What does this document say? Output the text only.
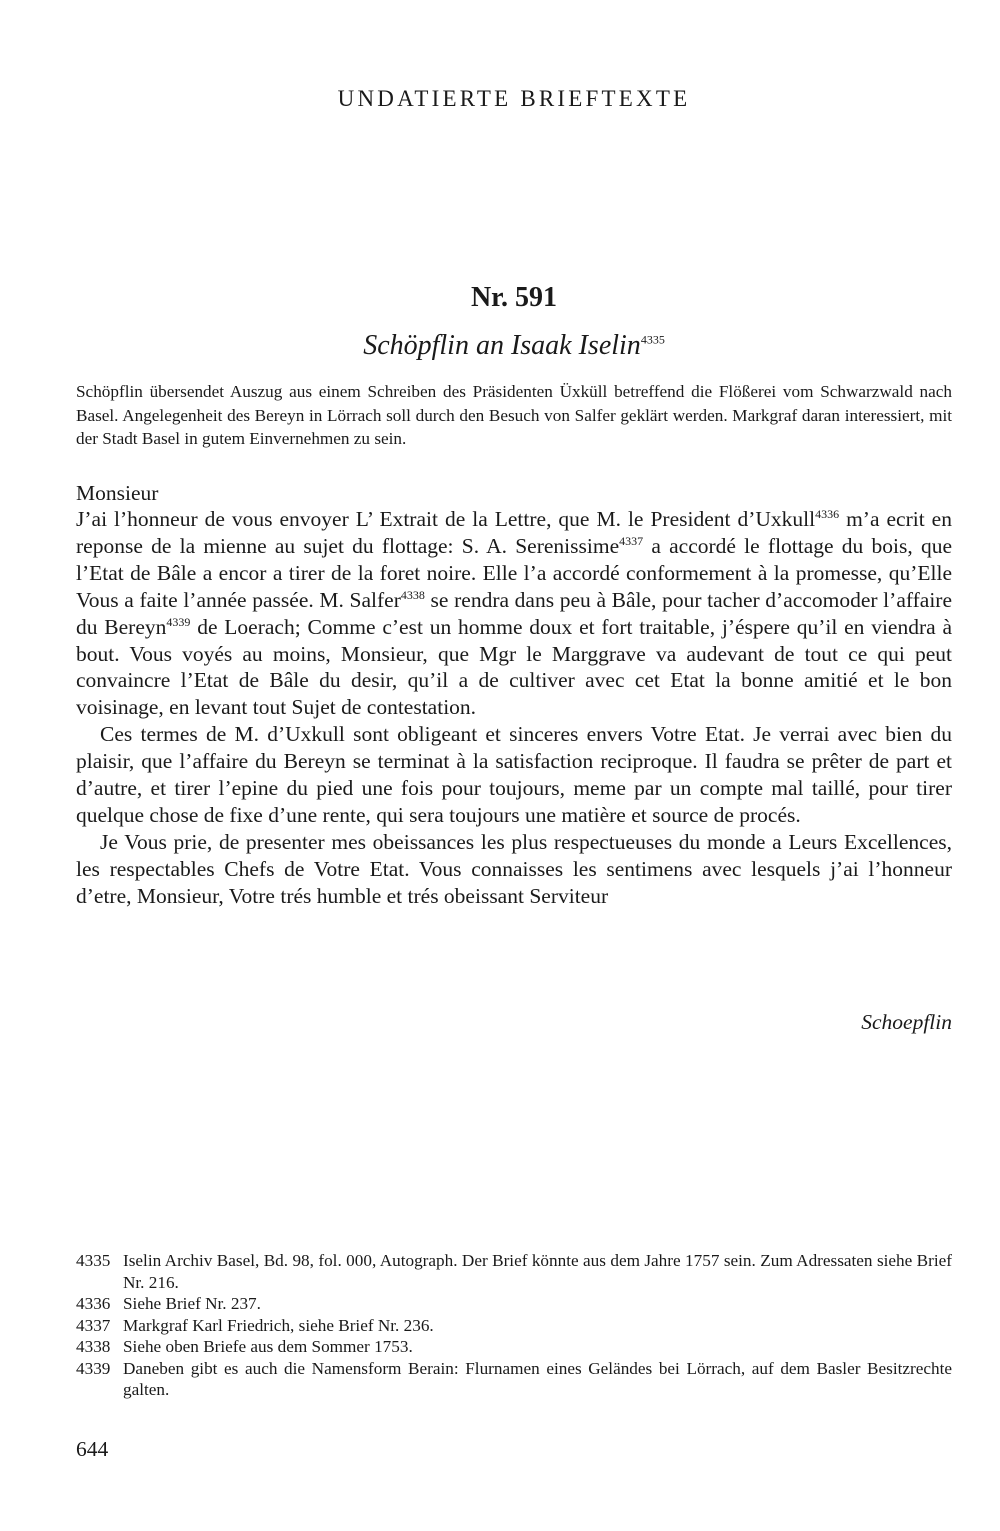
UNDATIERTE BRIEFTEXTE
Nr. 591
Schöpflin an Isaak Iselin$^{4335}$
Schöpflin übersendet Auszug aus einem Schreiben des Präsidenten Üxküll betreffend die Flößerei vom Schwarzwald nach Basel. Angelegenheit des Bereyn in Lörrach soll durch den Besuch von Salfer geklärt werden. Markgraf daran interessiert, mit der Stadt Basel in gutem Einvernehmen zu sein.
Monsieur

J’ai l’honneur de vous envoyer L’ Extrait de la Lettre, que M. le President d’Uxkull$^{4336}$ m’a ecrit en reponse de la mienne au sujet du flottage: S. A. Serenissime$^{4337}$ a accordé le flottage du bois, que l’Etat de Bâle a encor a tirer de la foret noire. Elle l’a accordé conformement à la promesse, qu’Elle Vous a faite l’année passée. M. Salfer$^{4338}$ se rendra dans peu à Bâle, pour tacher d’accomoder l’affaire du Bereyn$^{4339}$ de Loerach; Comme c’est un homme doux et fort traitable, j’éspere qu’il en viendra à bout. Vous voyés au moins, Monsieur, que Mgr le Marggrave va audevant de tout ce qui peut convaincre l’Etat de Bâle du desir, qu’il a de cultiver avec cet Etat la bonne amitié et le bon voisinage, en levant tout Sujet de contestation.

Ces termes de M. d’Uxkull sont obligeant et sinceres envers Votre Etat. Je verrai avec bien du plaisir, que l’affaire du Bereyn se terminat à la satisfaction reciproque. Il faudra se prêter de part et d’autre, et tirer l’epine du pied une fois pour toujours, meme par un compte mal taillé, pour tirer quelque chose de fixe d’une rente, qui sera toujours une matière et source de procés.

Je Vous prie, de presenter mes obeissances les plus respectueuses du monde a Leurs Excellences, les respectables Chefs de Votre Etat. Vous connaisses les sentimens avec lesquels j’ai l’honneur d’etre, Monsieur, Votre trés humble et trés obeissant Serviteur

Schoepflin
4335 Iselin Archiv Basel, Bd. 98, fol. 000, Autograph. Der Brief könnte aus dem Jahre 1757 sein. Zum Adressaten siehe Brief Nr. 216.
4336 Siehe Brief Nr. 237.
4337 Markgraf Karl Friedrich, siehe Brief Nr. 236.
4338 Siehe oben Briefe aus dem Sommer 1753.
4339 Daneben gibt es auch die Namensform Berain: Flurnamen eines Geländes bei Lörrach, auf dem Basler Besitzrechte galten.
644
